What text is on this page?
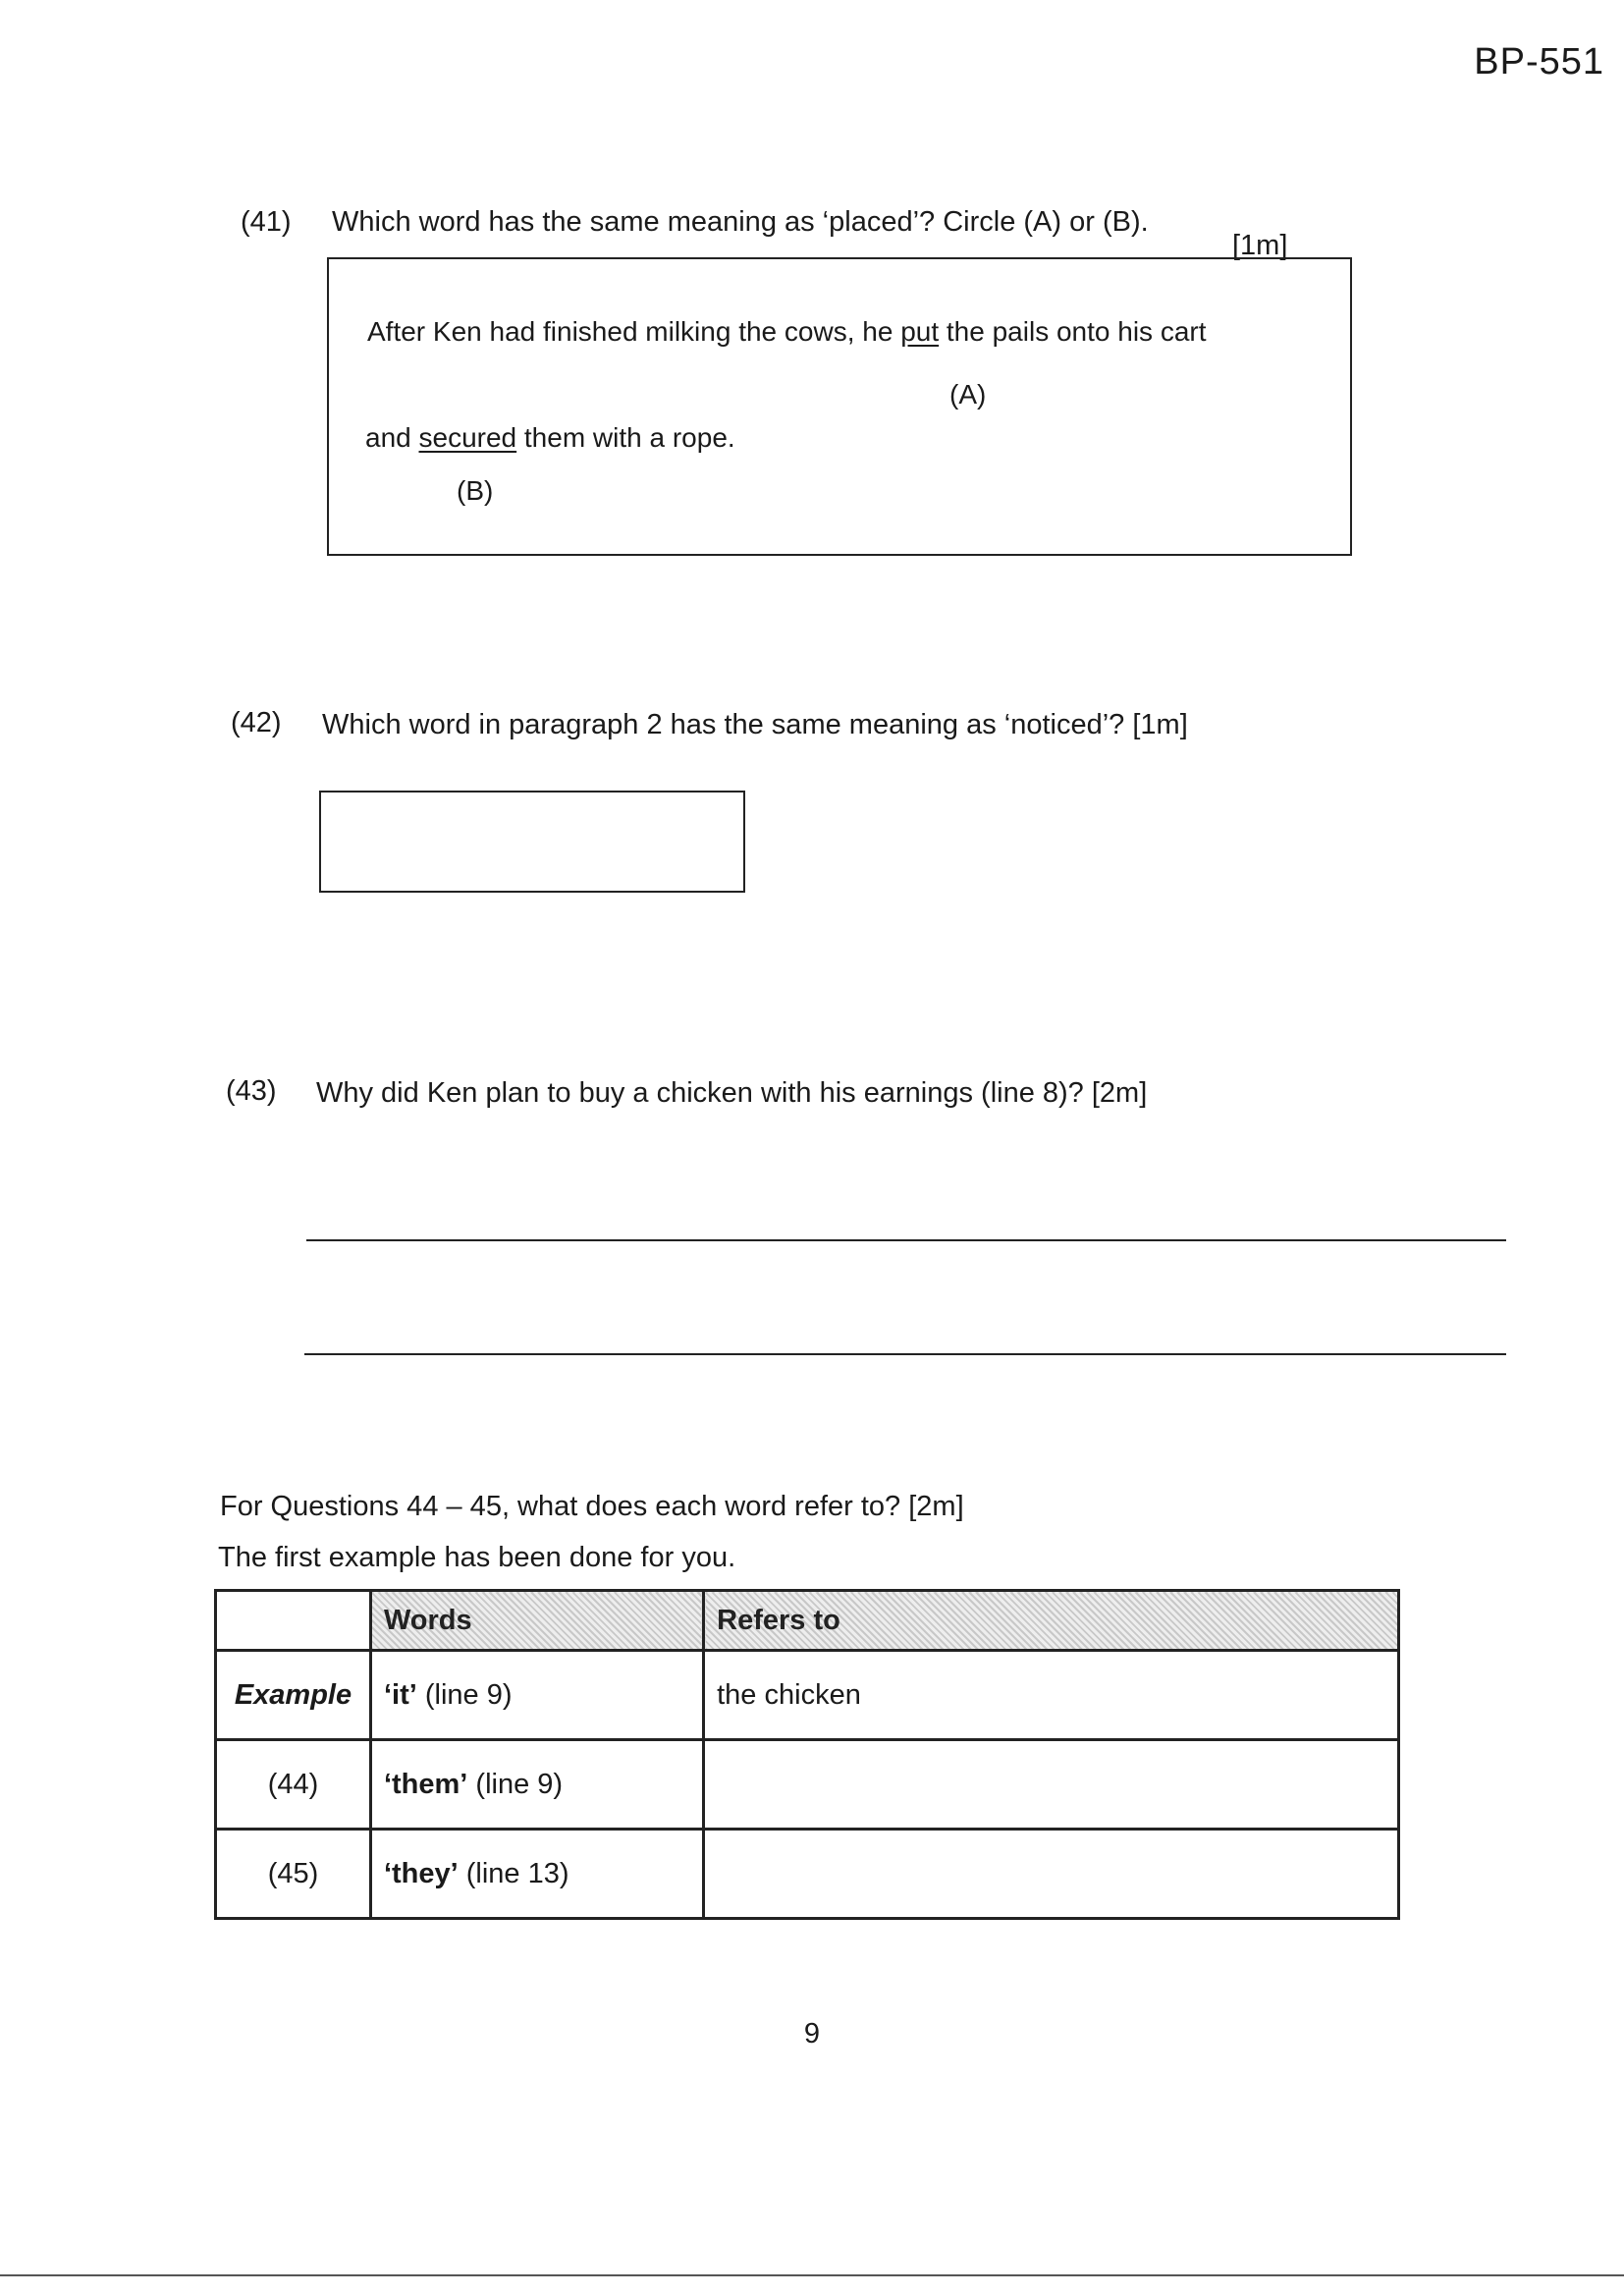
BP-551
(41) Which word has the same meaning as ‘placed’? Circle (A) or (B).
[1m]
After Ken had finished milking the cows, he put the pails onto his cart
(A)
and secured them with a rope.
(B)
(42) Which word in paragraph 2 has the same meaning as ‘noticed’? [1m]
(43) Why did Ken plan to buy a chicken with his earnings (line 8)? [2m]
For Questions 44 – 45, what does each word refer to? [2m]
The first example has been done for you.
	Words	Refers to
Example	‘it’ (line 9)	the chicken
(44)	‘them’ (line 9)	
(45)	‘they’ (line 13)	
9
